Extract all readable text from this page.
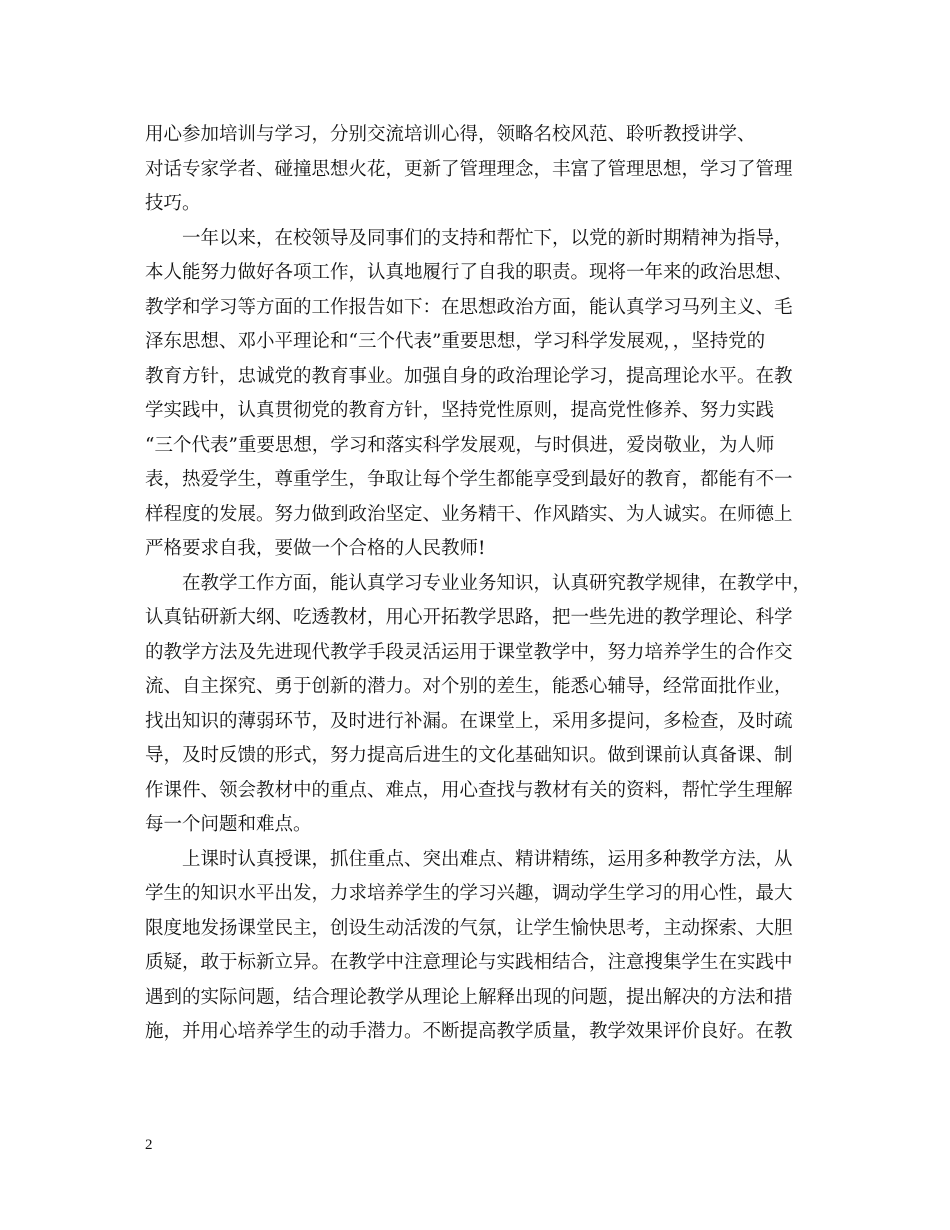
用心参加培训与学习，分别交流培训心得，领略名校风范、聆听教授讲学、
对话专家学者、碰撞思想火花，更新了管理理念，丰富了管理思想，学习了管理
技巧。
一年以来，在校领导及同事们的支持和帮忙下，以党的新时期精神为指导，
本人能努力做好各项工作，认真地履行了自我的职责。现将一年来的政治思想、
教学和学习等方面的工作报告如下：在思想政治方面，能认真学习马列主义、毛
泽东思想、邓小平理论和“三个代表”重要思想，学习科学发展观，，坚持党的
教育方针，忠诚党的教育事业。加强自身的政治理论学习，提高理论水平。在教
学实践中，认真贯彻党的教育方针，坚持党性原则，提高党性修养、努力实践
“三个代表”重要思想，学习和落实科学发展观，与时俱进，爱岗敬业，为人师
表，热爱学生，尊重学生，争取让每个学生都能享受到最好的教育，都能有不一
样程度的发展。努力做到政治坚定、业务精干、作风踏实、为人诚实。在师德上
严格要求自我，要做一个合格的人民教师!
在教学工作方面，能认真学习专业业务知识，认真研究教学规律，在教学中，
认真钻研新大纲、吃透教材，用心开拓教学思路，把一些先进的教学理论、科学
的教学方法及先进现代教学手段灵活运用于课堂教学中，努力培养学生的合作交
流、自主探究、勇于创新的潜力。对个别的差生，能悉心辅导，经常面批作业，
找出知识的薄弱环节，及时进行补漏。在课堂上，采用多提问，多检查，及时疏
导，及时反馈的形式，努力提高后进生的文化基础知识。做到课前认真备课、制
作课件、领会教材中的重点、难点，用心查找与教材有关的资料，帮忙学生理解
每一个问题和难点。
上课时认真授课，抓住重点、突出难点、精讲精练，运用多种教学方法，从
学生的知识水平出发，力求培养学生的学习兴趣，调动学生学习的用心性，最大
限度地发扬课堂民主，创设生动活泼的气氛，让学生愉快思考，主动探索、大胆
质疑，敢于标新立异。在教学中注意理论与实践相结合，注意搜集学生在实践中
遇到的实际问题，结合理论教学从理论上解释出现的问题，提出解决的方法和措
施，并用心培养学生的动手潜力。不断提高教学质量，教学效果评价良好。在教
2
